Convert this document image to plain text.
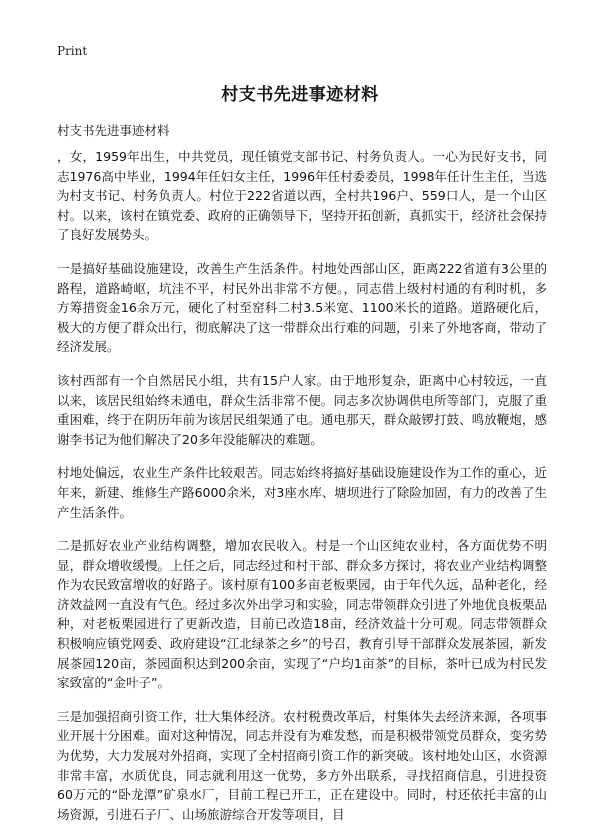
Print
村支书先进事迹材料
村支书先进事迹材料

，女，1959年出生，中共党员，现任镇党支部书记、村务负责人。一心为民好支书，同志1976高中毕业，1994年任妇女主任，1996年任村委委员，1998年任计生主任，当选为村支书记、村务负责人。村位于222省道以西，全村共196户、559口人，是一个山区村。以来，该村在镇党委、政府的正确领导下，坚持开拓创新，真抓实干，经济社会保持了良好发展势头。

一是搞好基础设施建设，改善生产生活条件。村地处西部山区，距离222省道有3公里的路程，道路崎岖，坑洼不平，村民外出非常不方便。，同志借上级村村通的有利时机，多方筹措资金16余万元，硬化了村至窑科二村3.5米宽、1100米长的道路。道路硬化后，极大的方便了群众出行，彻底解决了这一带群众出行难的问题，引来了外地客商，带动了经济发展。

该村西部有一个自然居民小组，共有15户人家。由于地形复杂，距离中心村较远，一直以来，该居民组始终未通电，群众生活非常不便。同志多次协调供电所等部门，克服了重重困难，终于在阴历年前为该居民组架通了电。通电那天，群众敲锣打鼓、鸣放鞭炮，感谢李书记为他们解决了20多年没能解决的难题。

村地处偏远，农业生产条件比较艰苦。同志始终将搞好基础设施建设作为工作的重心，近年来，新建、维修生产路6000余米，对3座水库、塘坝进行了除险加固，有力的改善了生产生活条件。

二是抓好农业产业结构调整，增加农民收入。村是一个山区纯农业村，各方面优势不明显，群众增收缓慢。上任之后，同志经过和村干部、群众多方探讨，将农业产业结构调整作为农民致富增收的好路子。该村原有100多亩老板栗园，由于年代久远，品种老化，经济效益网一直没有气色。经过多次外出学习和实验，同志带领群众引进了外地优良板栗品种，对老板栗园进行了更新改造，目前已改造18亩，经济效益十分可观。同志带领群众积极响应镇党网委、政府建设“江北绿茶之乡”的号召，教育引导干部群众发展茶园，新发展茶园120亩，茶园面积达到200余亩，实现了“户均1亩茶”的目标，茶叶已成为村民发家致富的“金叶子”。

三是加强招商引资工作，壮大集体经济。农村税费改革后，村集体失去经济来源，各项事业开展十分困难。面对这种情况，同志并没有为难发愁，而是积极带领党员群众，变劣势为优势，大力发展对外招商，实现了全村招商引资工作的新突破。该村地处山区，水资源非常丰富，水质优良，同志就利用这一优势，多方外出联系，寻找招商信息，引进投资60万元的“卧龙潭”矿泉水厂，目前工程已开工，正在建设中。同时，村还依托丰富的山场资源，引进石子厂、山场旅游综合开发等项目，目
